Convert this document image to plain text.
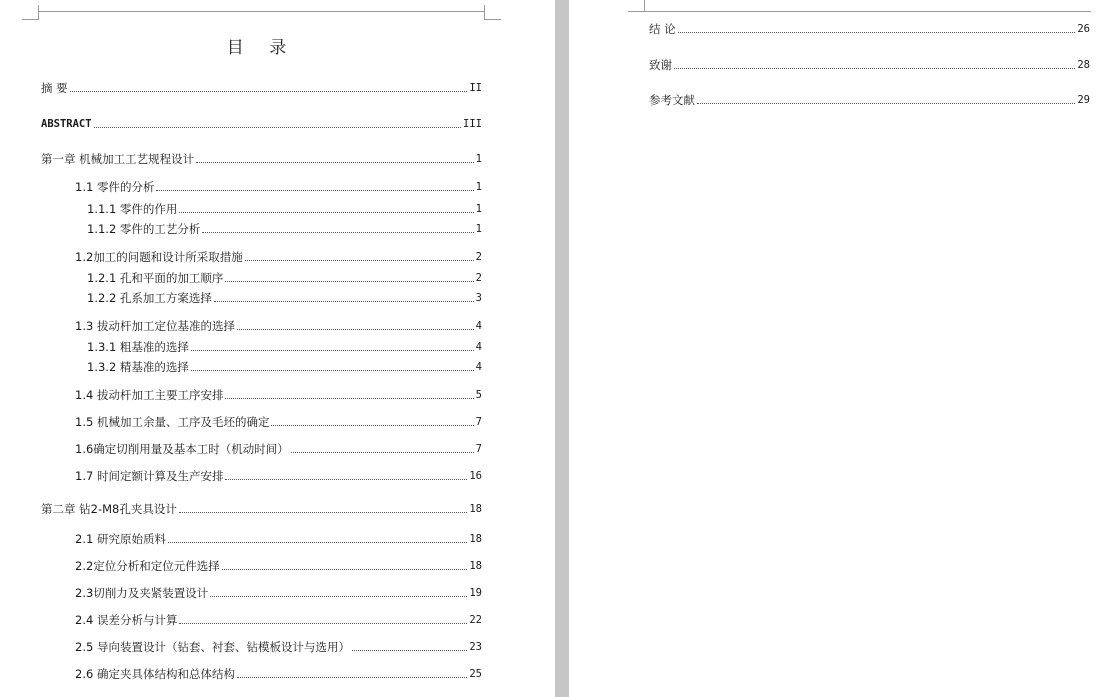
目 录
摘 要	II
ABSTRACT	III
第一章 机械加工工艺规程设计	1
1.1 零件的分析	1
1.1.1 零件的作用	1
1.1.2 零件的工艺分析	1
1.2加工的问题和设计所采取措施	2
1.2.1 孔和平面的加工顺序	2
1.2.2 孔系加工方案选择	3
1.3 拔动杆加工定位基准的选择	4
1.3.1 粗基准的选择	4
1.3.2 精基准的选择	4
1.4 拔动杆加工主要工序安排	5
1.5 机械加工余量、工序及毛坯的确定	7
1.6确定切削用量及基本工时（机动时间）	7
1.7 时间定额计算及生产安排	16
第二章 钻2-M8孔夹具设计	18
2.1 研究原始质料	18
2.2定位分析和定位元件选择	18
2.3切削力及夹紧装置设计	19
2.4 误差分析与计算	22
2.5 导向装置设计（钻套、衬套、钻模板设计与选用）	23
2.6 确定夹具体结构和总体结构	25
结 论	26
致谢	28
参考文献	29
